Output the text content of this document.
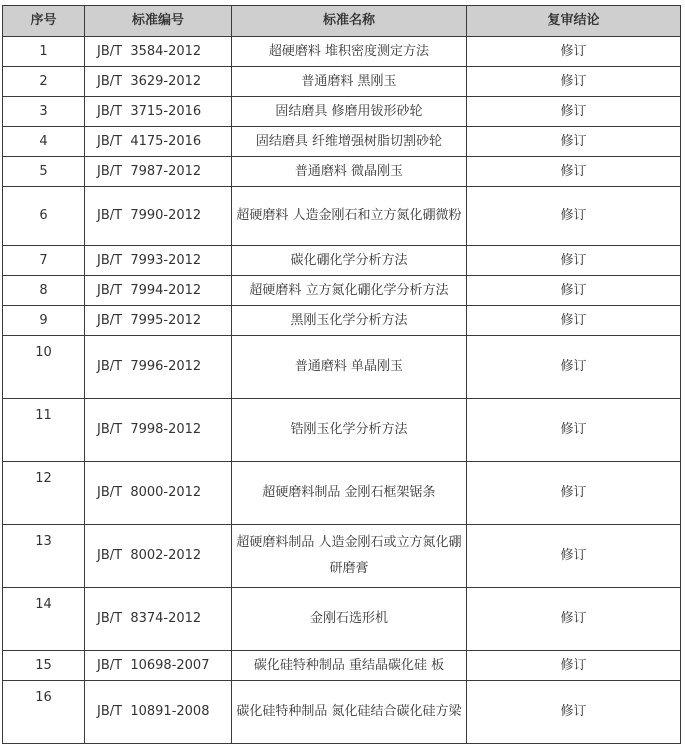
序号	标准编号	标准名称	复审结论
1	JB/T  3584-2012	超硬磨料 堆积密度测定方法	修订
2	JB/T  3629-2012	普通磨料 黑刚玉	修订
3	JB/T  3715-2016	固结磨具 修磨用钹形砂轮	修订
4	JB/T  4175-2016	固结磨具 纤维增强树脂切割砂轮	修订
5	JB/T  7987-2012	普通磨料 微晶刚玉	修订
6	JB/T  7990-2012	超硬磨料 人造金刚石和立方氮化硼微粉	修订
7	JB/T  7993-2012	碳化硼化学分析方法	修订
8	JB/T  7994-2012	超硬磨料 立方氮化硼化学分析方法	修订
9	JB/T  7995-2012	黑刚玉化学分析方法	修订
10	JB/T  7996-2012	普通磨料 单晶刚玉	修订
11	JB/T  7998-2012	锆刚玉化学分析方法	修订
12	JB/T  8000-2012	超硬磨料制品 金刚石框架锯条	修订
13	JB/T  8002-2012	超硬磨料制品 人造金刚石或立方氮化硼研磨膏	修订
14	JB/T  8374-2012	金刚石选形机	修订
15	JB/T  10698-2007	碳化硅特种制品 重结晶碳化硅 板	修订
16	JB/T  10891-2008	碳化硅特种制品 氮化硅结合碳化硅方梁	修订
